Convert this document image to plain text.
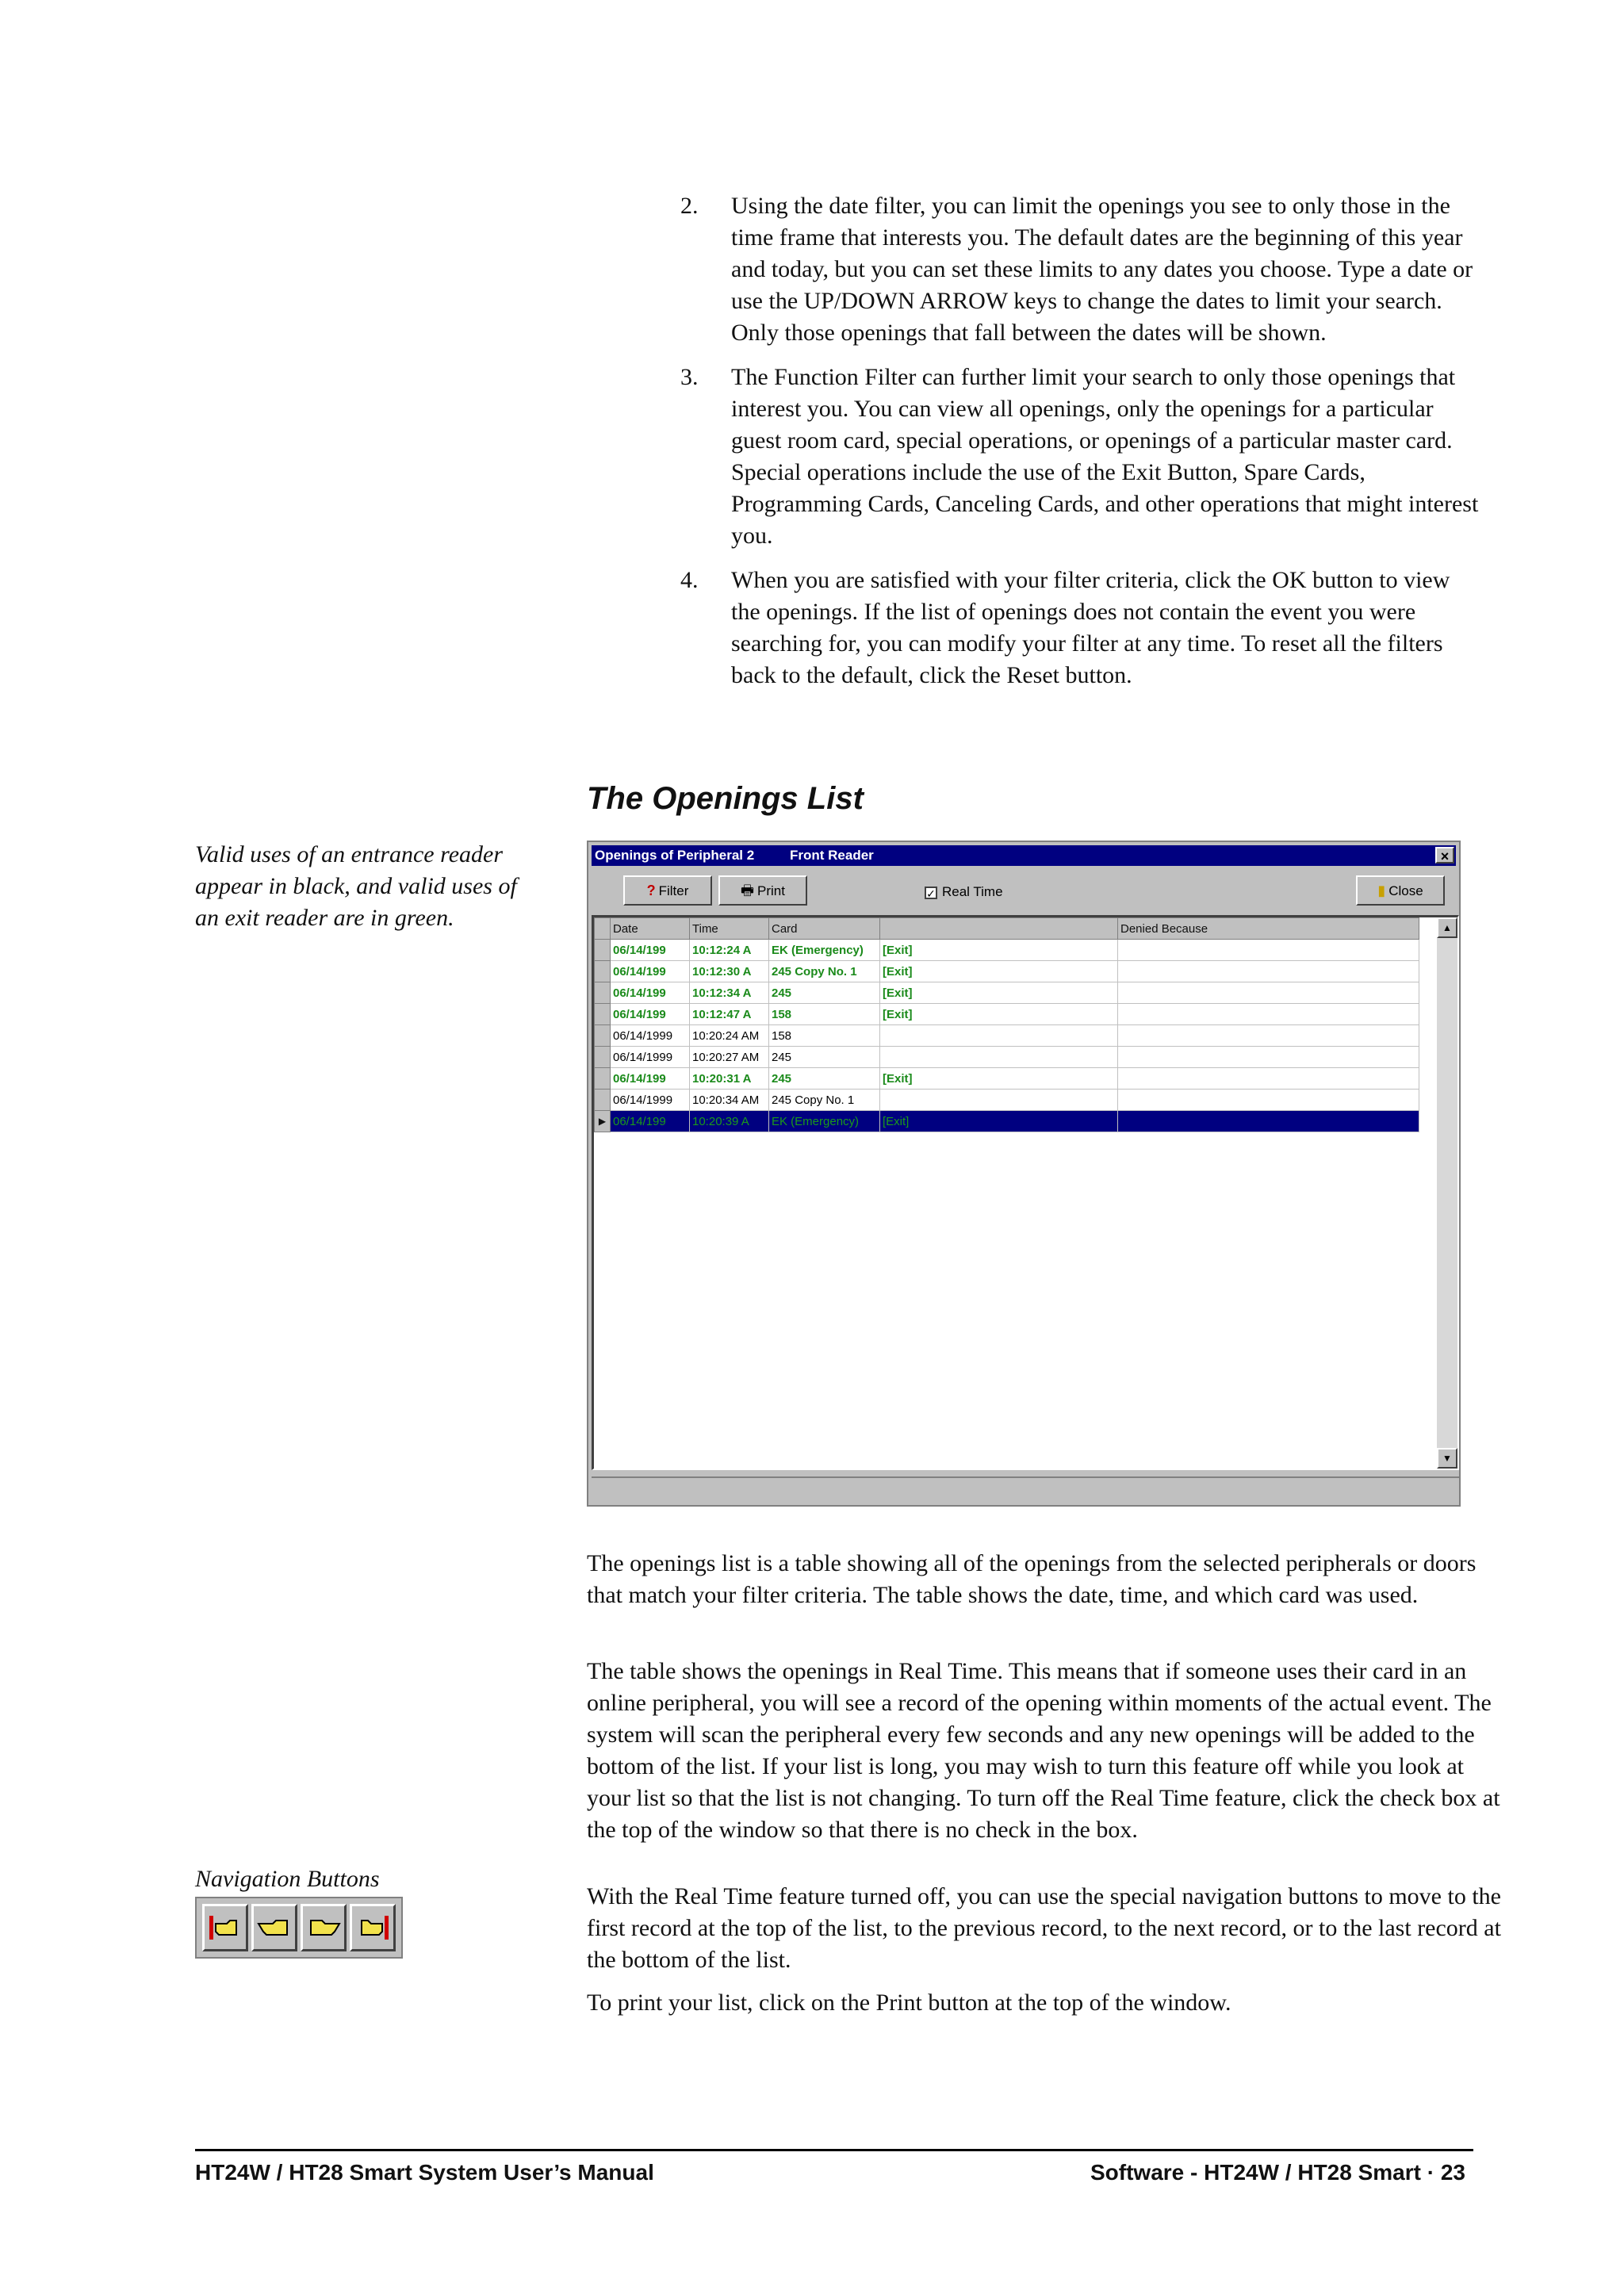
2. Using the date filter, you can limit the openings you see to only those in the time frame that interests you. The default dates are the beginning of this year and today, but you can set these limits to any dates you choose. Type a date or use the UP/DOWN ARROW keys to change the dates to limit your search. Only those openings that fall between the dates will be shown.
3. The Function Filter can further limit your search to only those openings that interest you. You can view all openings, only the openings for a particular guest room card, special operations, or openings of a particular master card. Special operations include the use of the Exit Button, Spare Cards, Programming Cards, Canceling Cards, and other operations that might interest you.
4. When you are satisfied with your filter criteria, click the OK button to view the openings. If the list of openings does not contain the event you were searching for, you can modify your filter at any time. To reset all the filters back to the default, click the Reset button.
The Openings List
Valid uses of an entrance reader appear in black, and valid uses of an exit reader are in green.
Openings of Peripheral 2	Front Reader	×
? Filter	🖶 Print	✓ Real Time	▮ Close
	Date	Time	Card		Denied Because
	06/14/199	10:12:24 A	EK (Emergency)	[Exit]	
	06/14/199	10:12:30 A	245 Copy No. 1	[Exit]	
	06/14/199	10:12:34 A	245	[Exit]	
	06/14/199	10:12:47 A	158	[Exit]	
	06/14/1999	10:20:24 AM	158		
	06/14/1999	10:20:27 AM	245		
	06/14/199	10:20:31 A	245	[Exit]	
	06/14/1999	10:20:34 AM	245 Copy No. 1		
▶	06/14/199	10:20:39 A	EK (Emergency)	[Exit]	

▲
▼
The openings list is a table showing all of the openings from the selected peripherals or doors that match your filter criteria. The table shows the date, time, and which card was used.
The table shows the openings in Real Time. This means that if someone uses their card in an online peripheral, you will see a record of the opening within moments of the actual event. The system will scan the peripheral every few seconds and any new openings will be added to the bottom of the list. If your list is long, you may wish to turn this feature off while you look at your list so that the list is not changing. To turn off the Real Time feature, click the check box at the top of the window so that there is no check in the box.
With the Real Time feature turned off, you can use the special navigation buttons to move to the first record at the top of the list, to the previous record, to the next record, or to the last record at the bottom of the list.
To print your list, click on the Print button at the top of the window.
Navigation Buttons
HT24W / HT28 Smart System User’s Manual	Software - HT24W / HT28 Smart · 23
